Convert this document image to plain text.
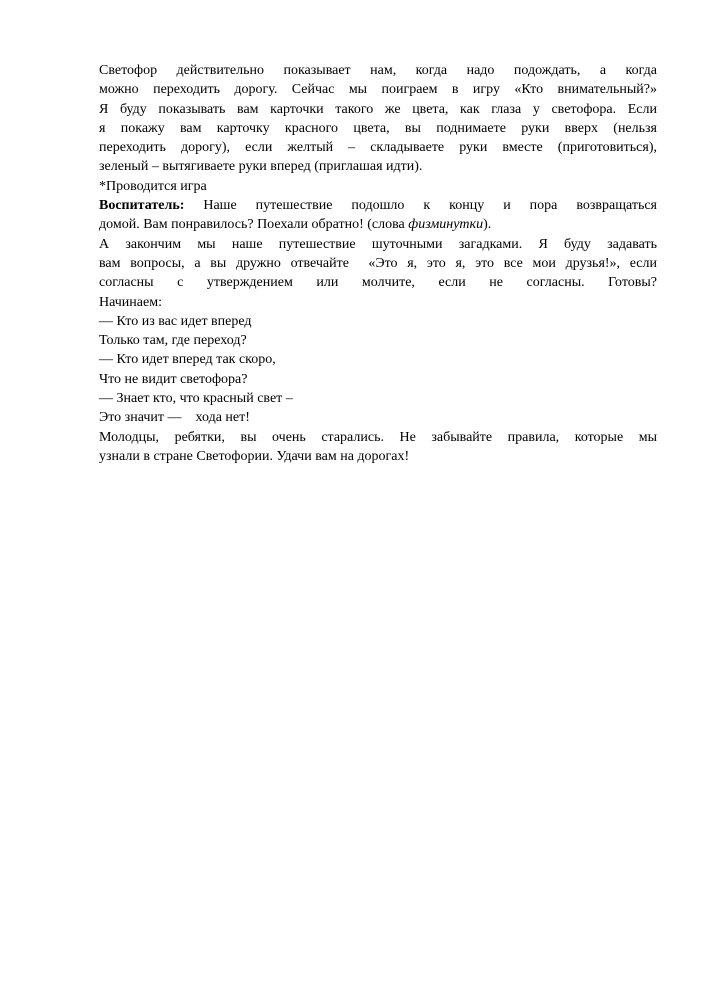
Светофор действительно показывает нам, когда надо подождать, а когда
можно переходить дорогу. Сейчас мы поиграем в игру «Кто внимательный?»
Я буду показывать вам карточки такого же цвета, как глаза у светофора. Если
я покажу вам карточку красного цвета, вы поднимаете руки вверх (нельзя
переходить дорогу), если желтый – складываете руки вместе (приготовиться),
зеленый – вытягиваете руки вперед (приглашая идти).
*Проводится игра
Воспитатель: Наше путешествие подошло к концу и пора возвращаться
домой. Вам понравилось? Поехали обратно! (слова физминутки).
А закончим мы наше путешествие шуточными загадками. Я буду задавать
вам вопросы, а вы дружно отвечайте  «Это я, это я, это все мои друзья!», если
согласны с утверждением или молчите, если не согласны. Готовы?
Начинаем:
— Кто из вас идет вперед
Только там, где переход?
— Кто идет вперед так скоро,
Что не видит светофора?
— Знает кто, что красный свет –
Это значит —    хода нет!
Молодцы, ребятки, вы очень старались. Не забывайте правила, которые мы
узнали в стране Светофории. Удачи вам на дорогах!
